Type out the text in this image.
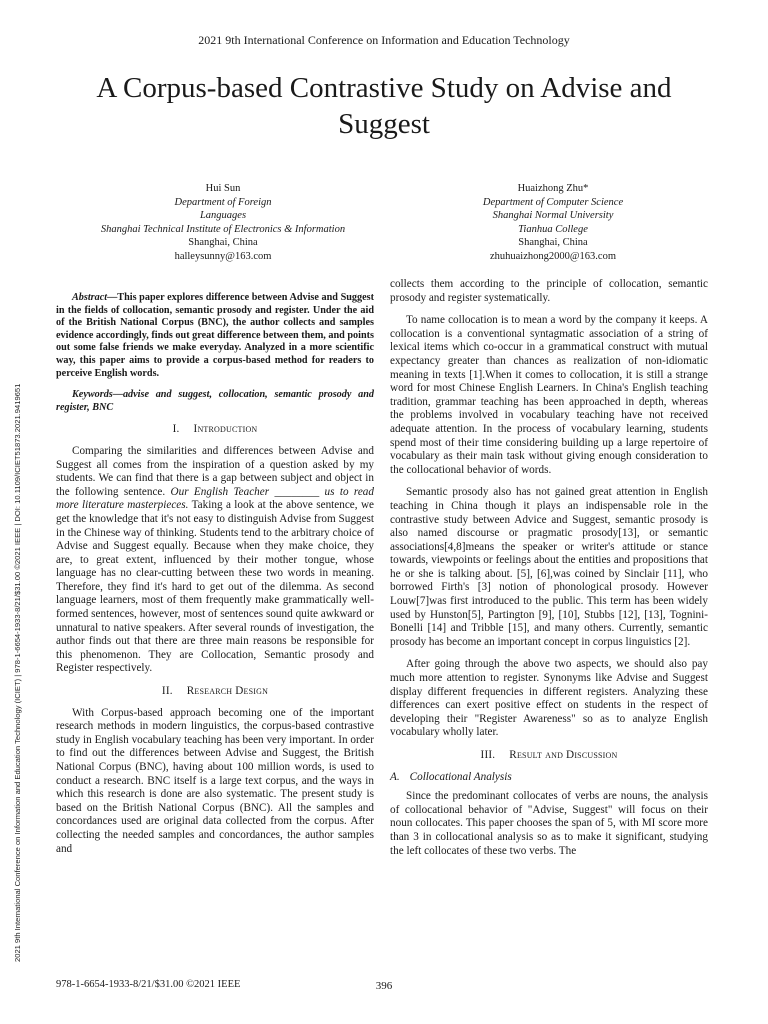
2021 9th International Conference on Information and Education Technology
A Corpus-based Contrastive Study on Advise and Suggest
Hui Sun
Department of Foreign
Languages
Shanghai Technical Institute of Electronics & Information
Shanghai, China
halleysunny@163.com
Huaizhong Zhu*
Department of Computer Science
Shanghai Normal University
Tianhua College
Shanghai, China
zhuhuaizhong2000@163.com
2021 9th International Conference on Information and Education Technology (ICIET) | 978-1-6654-1933-8/21/$31.00 ©2021 IEEE | DOI: 10.1109/ICIET51873.2021.9419651

Abstract—This paper explores difference between Advise and Suggest in the fields of collocation, semantic prosody and register. Under the aid of the British National Corpus (BNC), the author collects and samples evidence accordingly, finds out great difference between them, and points out some false friends we make everyday. Analyzed in a more scientific way, this paper aims to provide a corpus-based method for readers to perceive English words.

Keywords—advise and suggest, collocation, semantic prosody and register, BNC

I. Introduction

Comparing the similarities and differences between Advise and Suggest all comes from the inspiration of a question asked by my students. We can find that there is a gap between subject and object in the following sentence. Our English Teacher ________ us to read more literature masterpieces. Taking a look at the above sentence, we get the knowledge that it's not easy to distinguish Advise from Suggest in the Chinese way of thinking. Students tend to the arbitrary choice of Advise and Suggest equally. Because when they make choice, they are, to great extent, influenced by their mother tongue, whose language has no clear-cutting between these two words in meaning. Therefore, they find it's hard to get out of the dilemma. As second language learners, most of them frequently make grammatically well-formed sentences, however, most of sentences sound quite awkward or unnatural to native speakers. After several rounds of investigation, the author finds out that there are three main reasons be responsible for this phenomenon. They are Collocation, Semantic prosody and Register respectively.

II. Research Design

With Corpus-based approach becoming one of the important research methods in modern linguistics, the corpus-based contrastive study in English vocabulary teaching has been very important. In order to find out the differences between Advise and Suggest, the British National Corpus (BNC), having about 100 million words, is used to conduct a research. BNC itself is a large text corpus, and the ways in which this research is done are also systematic. The present study is based on the British National Corpus (BNC). All the samples and concordances used are original data collected from the corpus. After collecting the needed samples and concordances, the author samples and

collects them according to the principle of collocation, semantic prosody and register systematically.

To name collocation is to mean a word by the company it keeps. A collocation is a conventional syntagmatic association of a string of lexical items which co-occur in a grammatical construct with mutual expectancy greater than chances as realization of non-idiomatic meaning in texts [1].When it comes to collocation, it is still a strange word for most Chinese English Learners. In China's English teaching tradition, grammar teaching has been approached in depth, whereas the problems involved in vocabulary teaching have not received adequate attention. In the process of vocabulary learning, students spend most of their time considering building up a large repertoire of vocabulary as their main task without giving enough consideration to the collocational behavior of words.

Semantic prosody also has not gained great attention in English teaching in China though it plays an indispensable role in the contrastive study between Advice and Suggest, semantic prosody is also named discourse or pragmatic prosody[13], or semantic associations[4,8]means the speaker or writer's attitude or stance towards, viewpoints or feelings about the entities and propositions that he or she is talking about. [5], [6],was coined by Sinclair [11], who borrowed Firth's [3] notion of phonological prosody. However Louw[7]was first introduced to the public. This term has been widely used by Hunston[5], Partington [9], [10], Stubbs [12], [13], Tognini-Bonelli [14] and Tribble [15], and many others. Currently, semantic prosody has become an important concept in corpus linguistics [2].

After going through the above two aspects, we should also pay much more attention to register. Synonyms like Advise and Suggest display different frequencies in different registers. Analyzing these differences can exert positive effect on students in the respect of developing their "Register Awareness" so as to analyze English vocabulary wholly later.

III. Result and Discussion
A. Collocational Analysis

Since the predominant collocates of verbs are nouns, the analysis of collocational behavior of "Advise, Suggest" will focus on their noun collocates. This paper chooses the span of 5, with MI score more than 3 in collocational analysis so as to make it significant, studying the left collocates of these two verbs. The

978-1-6654-1933-8/21/$31.00 ©2021 IEEE	396
